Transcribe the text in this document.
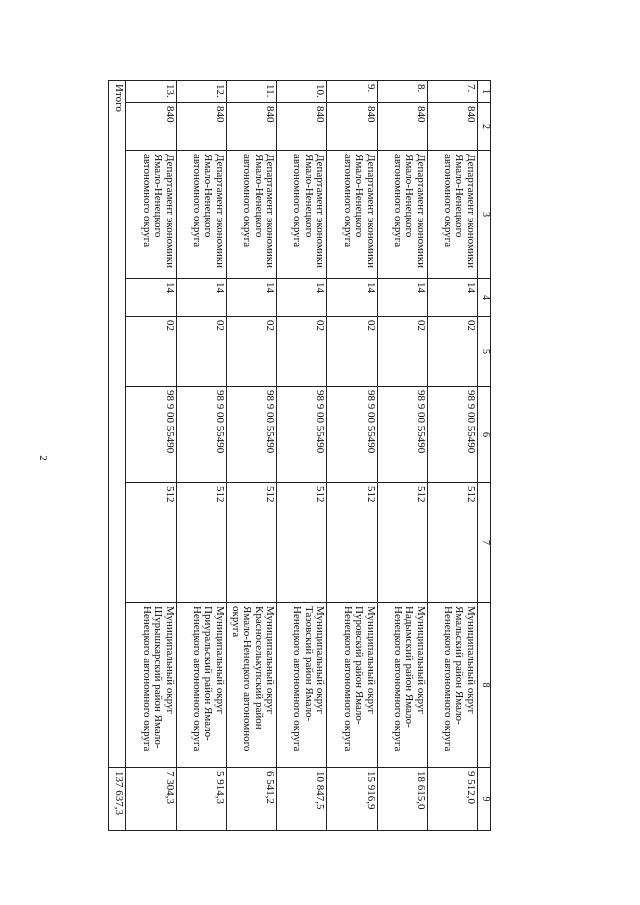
2
1	2	3	4	5	6	7	8	9
7.	840	Департамент экономики Ямало-Ненецкого автономного округа	14	02	98 9 00 55490	512	Муниципальный округ Ямальский район Ямало-Ненецкого автономного округа	9 512,0
8.	840	Департамент экономики Ямало-Ненецкого автономного округа	14	02	98 9 00 55490	512	Муниципальный округ Надымский район Ямало-Ненецкого автономного округа	18 615,0
9.	840	Департамент экономики Ямало-Ненецкого автономного округа	14	02	98 9 00 55490	512	Муниципальный округ Пуровский район Ямало-Ненецкого автономного округа	15 916,9
10.	840	Департамент экономики Ямало-Ненецкого автономного округа	14	02	98 9 00 55490	512	Муниципальный округ Тазовский район Ямало-Ненецкого автономного округа	10 847,5
11.	840	Департамент экономики Ямало-Ненецкого автономного округа	14	02	98 9 00 55490	512	Муниципальный округ Красноселькупский район Ямало-Ненецкого автономного округа	6 541,2
12.	840	Департамент экономики Ямало-Ненецкого автономного округа	14	02	98 9 00 55490	512	Муниципальный округ Приуральский район Ямало-Ненецкого автономного округа	5 914,3
13.	840	Департамент экономики Ямало-Ненецкого автономного округа	14	02	98 9 00 55490	512	Муниципальный округ Шурышкарский район Ямало-Ненецкого автономного округа	7 304,3
Итого								137 637,3
